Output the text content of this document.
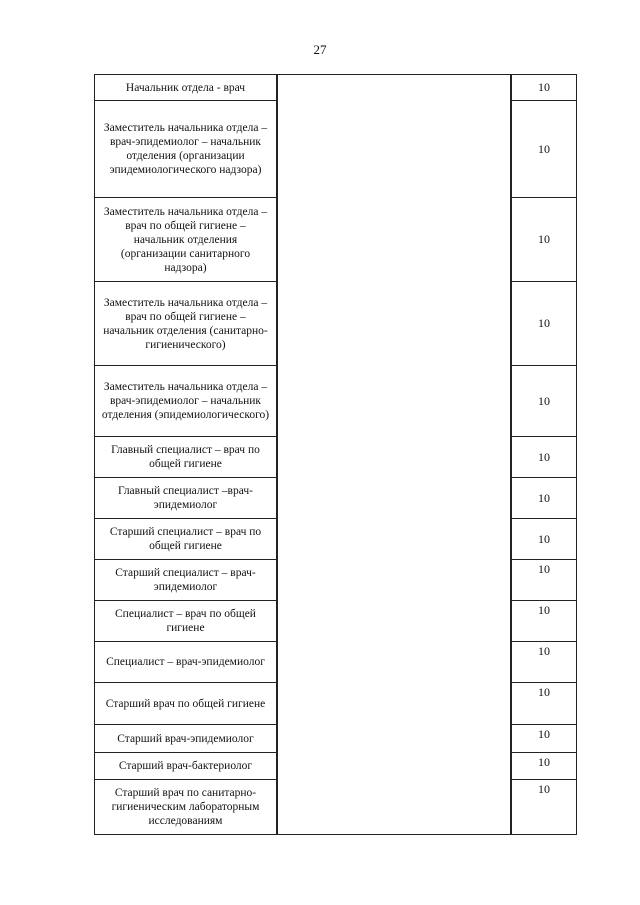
27
Начальник отдела - врач
Заместитель начальника отдела – врач-эпидемиолог – начальник отделения (организации эпидемиологического надзора)
Заместитель начальника отдела – врач по общей гигиене – начальник отделения (организации санитарного надзора)
Заместитель начальника отдела – врач по общей гигиене – начальник отделения (санитарно-гигиенического)
Заместитель начальника отдела – врач-эпидемиолог – начальник отделения (эпидемиологического)
Главный специалист – врач по общей гигиене
Главный специалист –врач-эпидемиолог
Старший специалист – врач по общей гигиене
Старший специалист – врач-эпидемиолог
Специалист – врач по общей гигиене
Специалист – врач-эпидемиолог
Старший врач по общей гигиене
Старший врач-эпидемиолог
Старший врач-бактериолог
Старший врач по санитарно-гигиеническим лабораторным исследованиям
10
10
10
10
10
10
10
10
10
10
10
10
10
10
10
